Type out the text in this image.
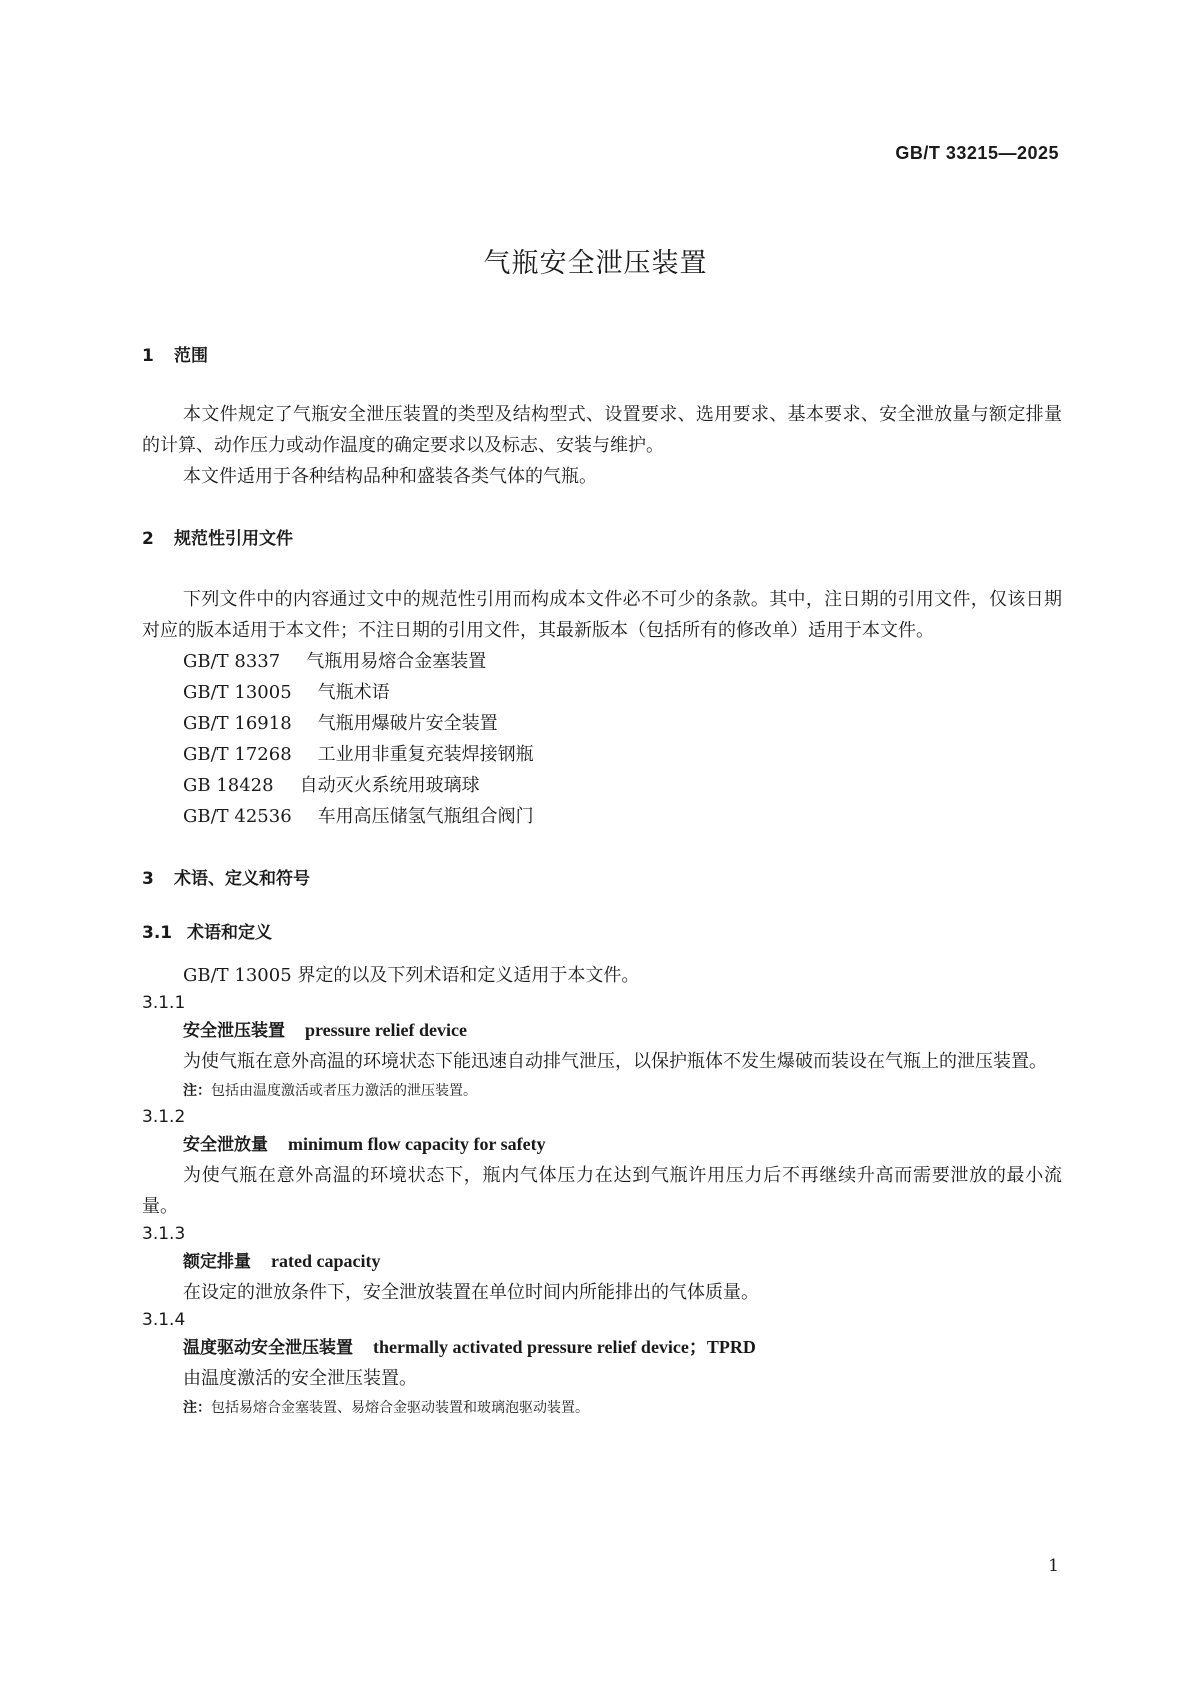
GB/T 33215—2025
气瓶安全泄压装置
1 范围

本文件规定了气瓶安全泄压装置的类型及结构型式、设置要求、选用要求、基本要求、安全泄放量与额定排量的计算、动作压力或动作温度的确定要求以及标志、安装与维护。

本文件适用于各种结构品种和盛装各类气体的气瓶。

2 规范性引用文件

下列文件中的内容通过文中的规范性引用而构成本文件必不可少的条款。其中，注日期的引用文件，仅该日期对应的版本适用于本文件；不注日期的引用文件，其最新版本（包括所有的修改单）适用于本文件。

GB/T 8337 气瓶用易熔合金塞装置
GB/T 13005 气瓶术语
GB/T 16918 气瓶用爆破片安全装置
GB/T 17268 工业用非重复充装焊接钢瓶
GB 18428 自动灭火系统用玻璃球
GB/T 42536 车用高压储氢气瓶组合阀门
3 术语、定义和符号
3.1 术语和定义

GB/T 13005 界定的以及下列术语和定义适用于本文件。

3.1.1
安全泄压装置 pressure relief device

为使气瓶在意外高温的环境状态下能迅速自动排气泄压，以保护瓶体不发生爆破而装设在气瓶上的泄压装置。

注：包括由温度激活或者压力激活的泄压装置。
3.1.2
安全泄放量 minimum flow capacity for safety

为使气瓶在意外高温的环境状态下，瓶内气体压力在达到气瓶许用压力后不再继续升高而需要泄放的最小流量。

3.1.3
额定排量 rated capacity

在设定的泄放条件下，安全泄放装置在单位时间内所能排出的气体质量。

3.1.4
温度驱动安全泄压装置 thermally activated pressure relief device；TPRD

由温度激活的安全泄压装置。

注：包括易熔合金塞装置、易熔合金驱动装置和玻璃泡驱动装置。
1
